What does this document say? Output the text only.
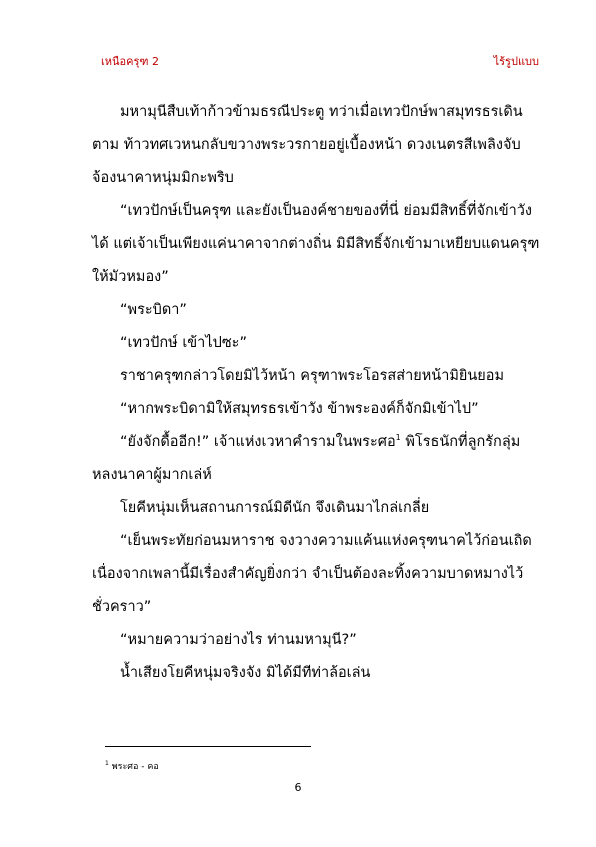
เหนือครุฑ 2	ไร้รูปแบบ

มหามุนีสืบเท้าก้าวข้ามธรณีประตู ทว่าเมื่อเทวปักษ์พาสมุทรธรเดินตาม ท้าวทศเวหนกลับขวางพระวรกายอยู่เบื้องหน้า ดวงเนตรสีเพลิงจับจ้องนาคาหนุ่มมิกะพริบ

“เทวปักษ์เป็นครุฑ และยังเป็นองค์ชายของที่นี่ ย่อมมีสิทธิ์ที่จักเข้าวังได้ แต่เจ้าเป็นเพียงแค่นาคาจากต่างถิ่น มิมีสิทธิ์จักเข้ามาเหยียบแดนครุฑให้มัวหมอง”

“พระบิดา”

“เทวปักษ์ เข้าไปซะ”

ราชาครุฑกล่าวโดยมิไว้หน้า ครุฑาพระโอรสส่ายหน้ามิยินยอม

“หากพระบิดามิให้สมุทรธรเข้าวัง ข้าพระองค์ก็จักมิเข้าไป”

“ยังจักดื้ออีก!” เจ้าแห่งเวหาคำรามในพระศอ$^1$ พิโรธนักที่ลูกรักลุ่มหลงนาคาผู้มากเล่ห์

โยคีหนุ่มเห็นสถานการณ์มิดีนัก จึงเดินมาไกล่เกลี่ย

“เย็นพระทัยก่อนมหาราช จงวางความแค้นแห่งครุฑนาคไว้ก่อนเถิด เนื่องจากเพลานี้มีเรื่องสำคัญยิ่งกว่า จำเป็นต้องละทิ้งความบาดหมางไว้ชั่วคราว”

“หมายความว่าอย่างไร ท่านมหามุนี?”

น้ำเสียงโยคีหนุ่มจริงจัง มิได้มีทีท่าล้อเล่น

$^1$ พระศอ - คอ
6
